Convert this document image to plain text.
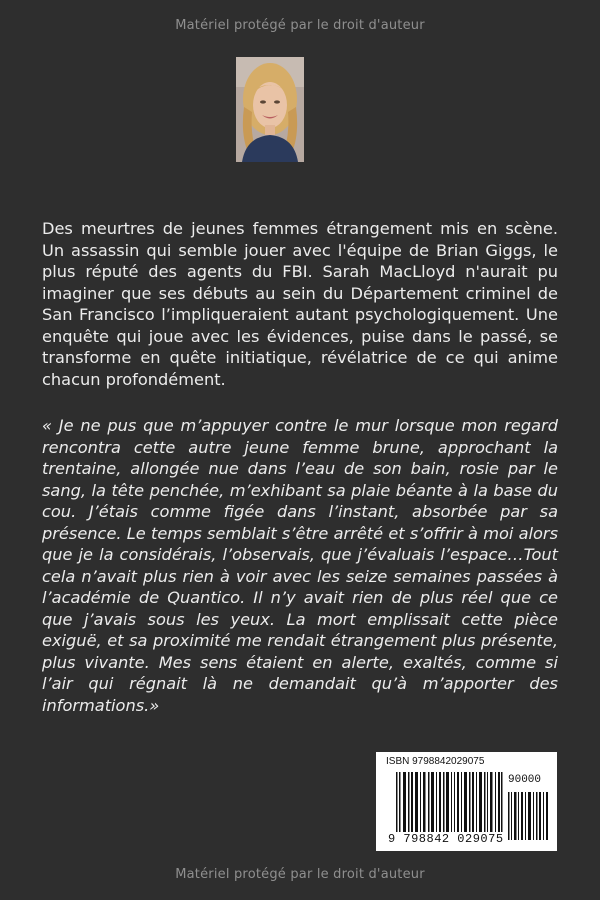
Matériel protégé par le droit d'auteur

Des meurtres de jeunes femmes étrangement mis en scène. Un assassin qui semble jouer avec l'équipe de Brian Giggs, le plus réputé des agents du FBI. Sarah MacLloyd n'aurait pu imaginer que ses débuts au sein du Département criminel de San Francisco l’impliqueraient autant psychologiquement. Une enquête qui joue avec les évidences, puise dans le passé, se transforme en quête initiatique, révélatrice de ce qui anime chacun profondément.

« Je ne pus que m’appuyer contre le mur lorsque mon regard rencontra cette autre jeune femme brune, approchant la trentaine, allongée nue dans l’eau de son bain, rosie par le sang, la tête penchée, m’exhibant sa plaie béante à la base du cou. J’étais comme figée dans l’instant, absorbée par sa présence. Le temps semblait s’être arrêté et s’offrir à moi alors que je la considérais, l’observais, que j’évaluais l’espace…Tout cela n’avait plus rien à voir avec les seize semaines passées à l’académie de Quantico. Il n’y avait rien de plus réel que ce que j’avais sous les yeux. La mort emplissait cette pièce exiguë, et sa proximité me rendait étrangement plus présente, plus vivante. Mes sens étaient en alerte, exaltés, comme si l’air qui régnait là ne demandait qu’à m’apporter des informations.»

ISBN 9798842029075
90000
9 798842 029075
Matériel protégé par le droit d'auteur
